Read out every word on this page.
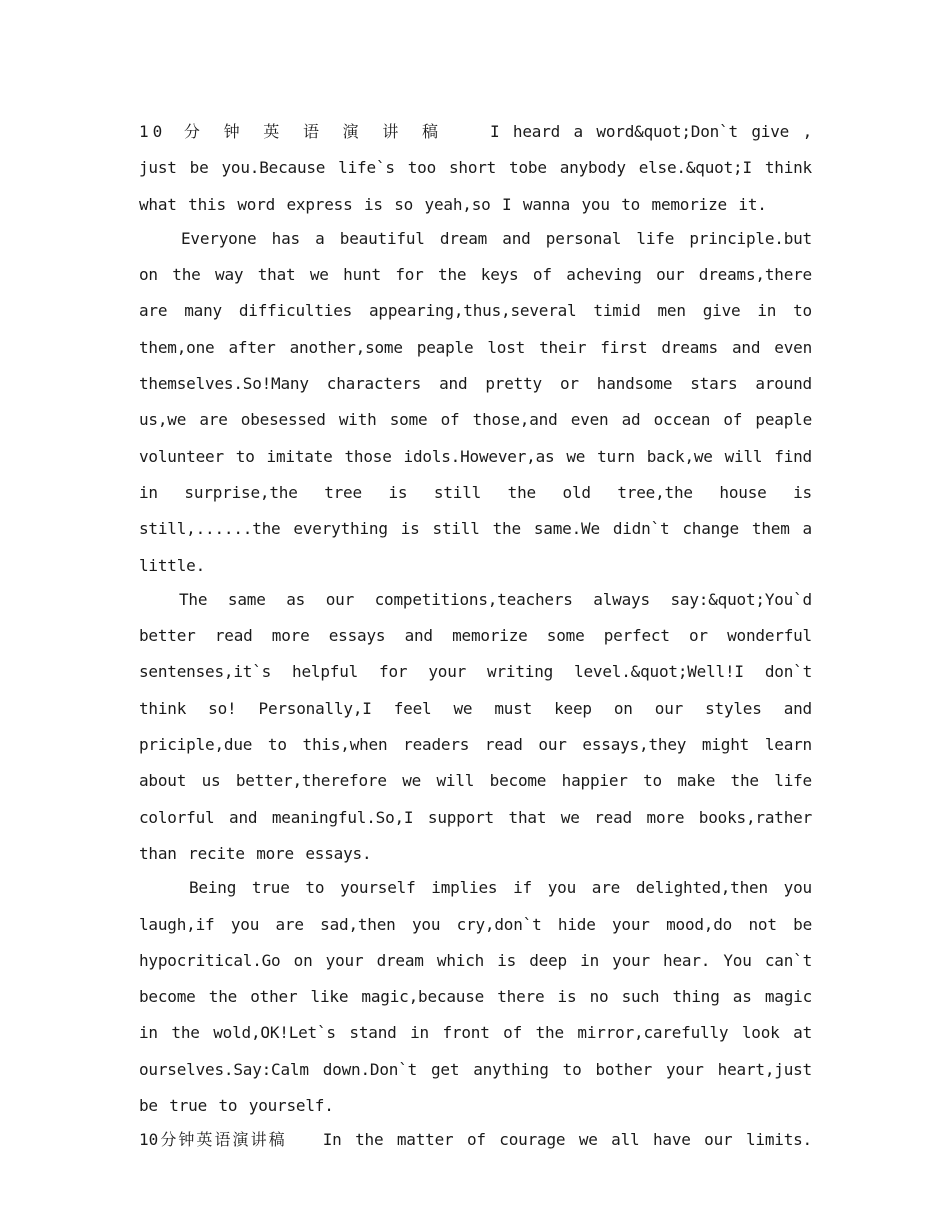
10 分 钟 英 语 演 讲 稿	I heard a word&quot;Don`t give , just be you.Because life`s too short tobe anybody else.&quot;I think what this word express is so yeah,so I wanna you to memorize it.

Everyone has a beautiful dream and personal life principle.but on the way that we hunt for the keys of acheving our dreams,there are many difficulties appearing,thus,several timid men give in to them,one after another,some peaple lost their first dreams and even themselves.So!Many characters and pretty or handsome stars around us,we are obesessed with some of those,and even ad occean of peaple volunteer to imitate those idols.However,as we turn back,we will find in surprise,the tree is still the old tree,the house is still,......the everything is still the same.We didn`t change them a little.

The same as our competitions,teachers always say:&quot;You`d better read more essays and memorize some perfect or wonderful sentenses,it`s helpful for your writing level.&quot;Well!I don`t think so! Personally,I feel we must keep on our styles and priciple,due to this,when readers read our essays,they might learn about us better,therefore we will become happier to make the life colorful and meaningful.So,I support that we read more books,rather than recite more essays.

Being true to yourself implies if you are delighted,then you laugh,if you are sad,then you cry,don`t hide your mood,do not be hypocritical.Go on your dream which is deep in your hear. You can`t become the other like magic,because there is no such thing as magic in the wold,OK!Let`s stand in front of the mirror,carefully look at ourselves.Say:Calm down.Don`t get anything to bother your heart,just be true to yourself.

10分钟英语演讲稿 In the matter of courage we all have our limits.
